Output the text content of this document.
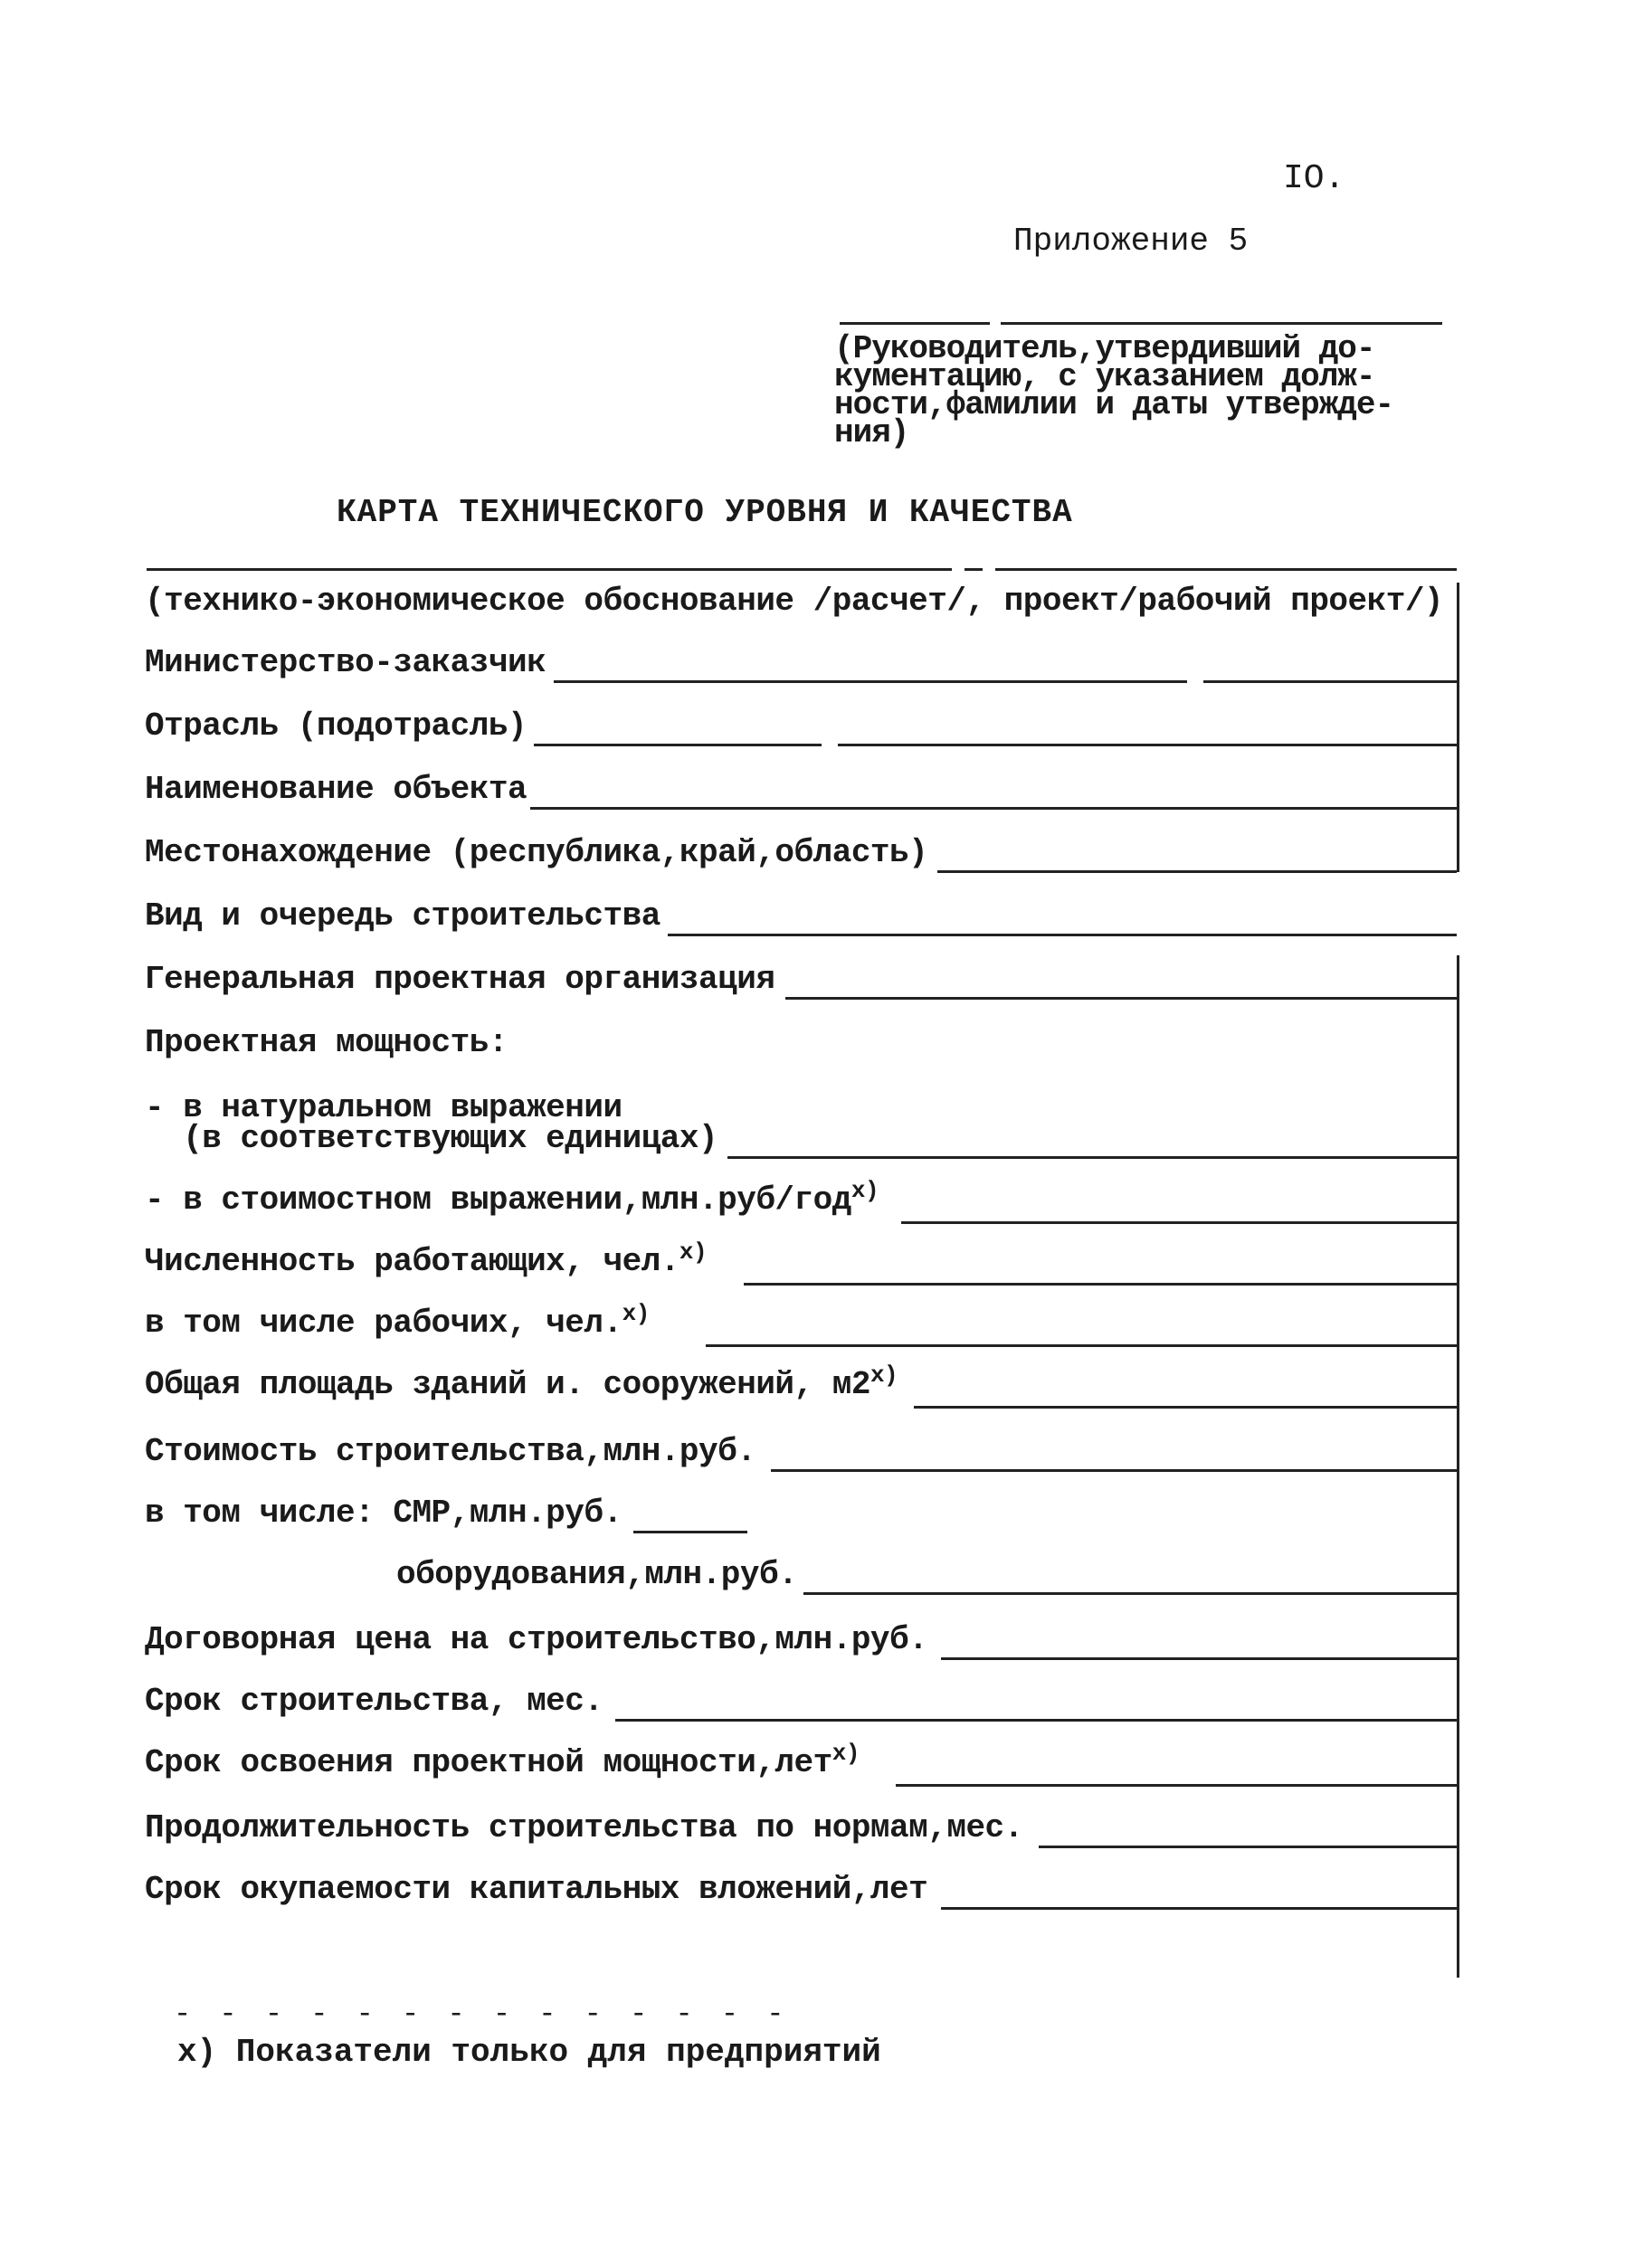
IO.
Приложение 5
(Руководитель,утвердивший до-
кументацию, с указанием долж-
ности,фамилии и даты утвержде-
ния)
КАРТА ТЕХНИЧЕСКОГО УРОВНЯ И КАЧЕСТВА
(технико-экономическое обоснование /расчет/, проект/рабочий проект/)
Министерство-заказчик
Отрасль (подотрасль)
Наименование объекта
Местонахождение (республика,край,область)
Вид и очередь строительства
Генеральная проектная организация
Проектная мощность:
- в натуральном выражении
(в соответствующих единицах)
- в стоимостном выражении,млн.руб/год$^{x)}$
Численность работающих, чел.$^{x)}$
в том числе рабочих, чел.$^{x)}$
Общая площадь зданий и. сооружений, м2$^{x)}$
Стоимость строительства,млн.руб.
в том числе: СМР,млн.руб.
оборудования,млн.руб.
Договорная цена на строительство,млн.руб.
Срок строительства, мес.
Срок освоения проектной мощности,лет$^{x)}$
Продолжительность строительства по нормам,мес.
Срок окупаемости капитальных вложений,лет
- - - - - - - - - - - - - -
x) Показатели только для предприятий
